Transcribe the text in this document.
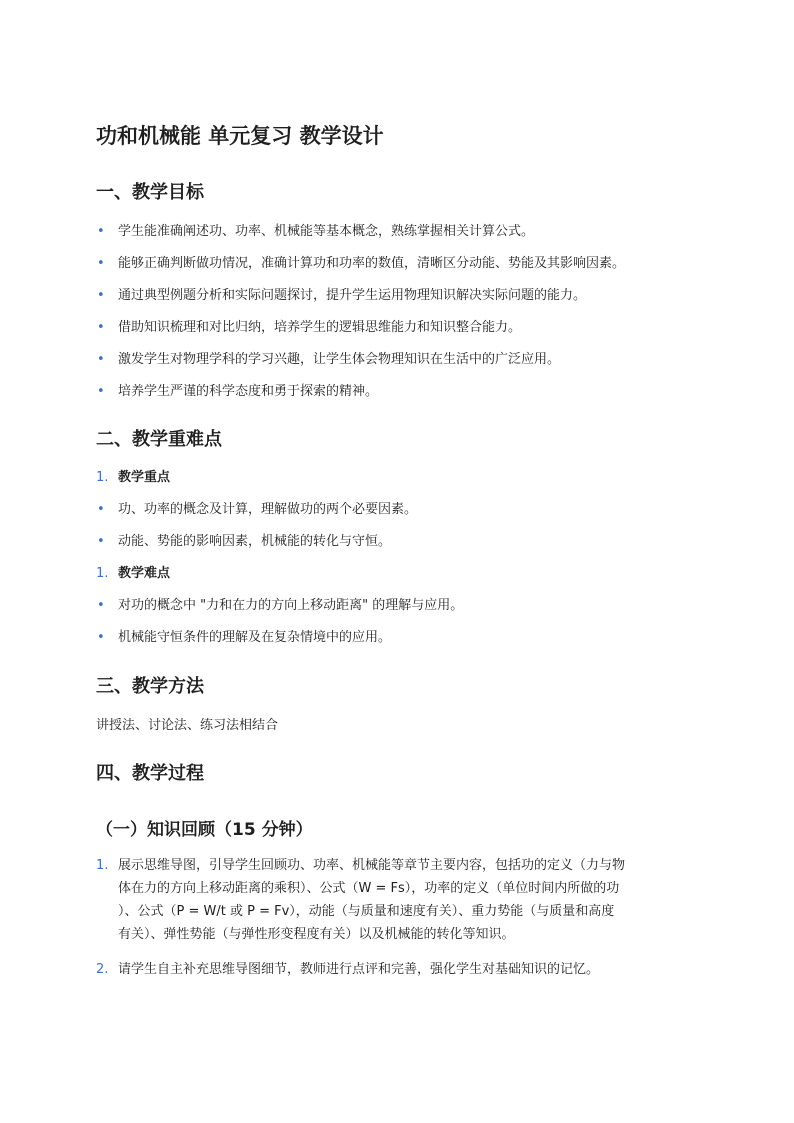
功和机械能 单元复习 教学设计
一、教学目标
• 学生能准确阐述功、功率、机械能等基本概念，熟练掌握相关计算公式。
• 能够正确判断做功情况，准确计算功和功率的数值，清晰区分动能、势能及其影响因素。
• 通过典型例题分析和实际问题探讨，提升学生运用物理知识解决实际问题的能力。
• 借助知识梳理和对比归纳，培养学生的逻辑思维能力和知识整合能力。
• 激发学生对物理学科的学习兴趣，让学生体会物理知识在生活中的广泛应用。
• 培养学生严谨的科学态度和勇于探索的精神。
二、教学重难点
1. 教学重点
• 功、功率的概念及计算，理解做功的两个必要因素。
• 动能、势能的影响因素，机械能的转化与守恒。
1. 教学难点
• 对功的概念中 "力和在力的方向上移动距离" 的理解与应用。
• 机械能守恒条件的理解及在复杂情境中的应用。
三、教学方法

讲授法、讨论法、练习法相结合

四、教学过程
（一）知识回顾（15 分钟）
1. 展示思维导图，引导学生回顾功、功率、机械能等章节主要内容，包括功的定义（力与物
体在力的方向上移动距离的乘积）、公式（W = Fs），功率的定义（单位时间内所做的功
）、公式（P = W/t 或 P = Fv），动能（与质量和速度有关）、重力势能（与质量和高度
有关）、弹性势能（与弹性形变程度有关）以及机械能的转化等知识。
2. 请学生自主补充思维导图细节，教师进行点评和完善，强化学生对基础知识的记忆。
